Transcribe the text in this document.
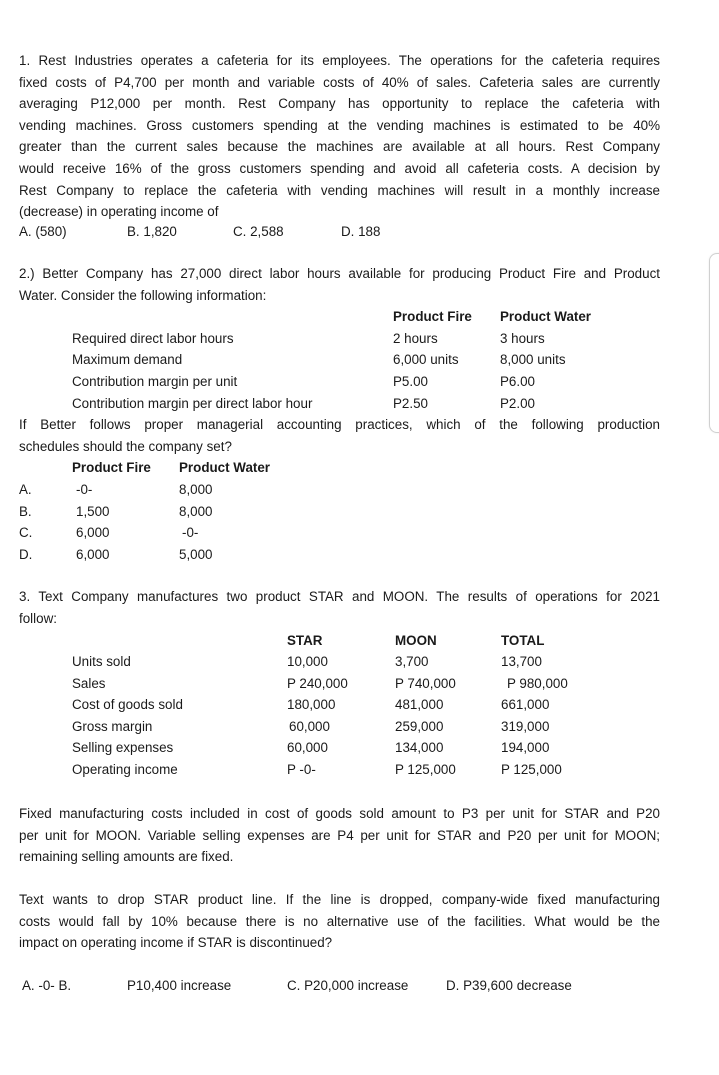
1. Rest Industries operates a cafeteria for its employees. The operations for the cafeteria requires
fixed costs of P4,700 per month and variable costs of 40% of sales. Cafeteria sales are currently
averaging P12,000 per month. Rest Company has opportunity to replace the cafeteria with
vending machines. Gross customers spending at the vending machines is estimated to be 40%
greater than the current sales because the machines are available at all hours. Rest Company
would receive 16% of the gross customers spending and avoid all cafeteria costs. A decision by
Rest Company to replace the cafeteria with vending machines will result in a monthly increase
(decrease) in operating income of
A. (580)	B. 1,820	C. 2,588	D. 188
2.) Better Company has 27,000 direct labor hours available for producing Product Fire and Product
Water. Consider the following information:
Product Fire Product Water
Required direct labor hours	2 hours	3 hours
Maximum demand	6,000 units	8,000 units
Contribution margin per unit	P5.00	P6.00
Contribution margin per direct labor hour	P2.50	P2.00
If Better follows proper managerial accounting practices, which of the following production
schedules should the company set?
Product Fire Product Water
A.	-0-	8,000
B.	1,500	8,000
C.	6,000	-0-
D.	6,000	5,000
3. Text Company manufactures two product STAR and MOON. The results of operations for 2021
follow:
STAR	MOON	TOTAL
Units sold	10,000	3,700	13,700
Sales	P 240,000	P 740,000	P 980,000
Cost of goods sold	180,000	481,000	661,000
Gross margin	60,000	259,000	319,000
Selling expenses	60,000	134,000	194,000
Operating income	P -0-	P 125,000	P 125,000
Fixed manufacturing costs included in cost of goods sold amount to P3 per unit for STAR and P20
per unit for MOON. Variable selling expenses are P4 per unit for STAR and P20 per unit for MOON;
remaining selling amounts are fixed.
Text wants to drop STAR product line. If the line is dropped, company-wide fixed manufacturing
costs would fall by 10% because there is no alternative use of the facilities. What would be the
impact on operating income if STAR is discontinued?
A. -0- B.	P10,400 increase	C. P20,000 increase	D. P39,600 decrease
